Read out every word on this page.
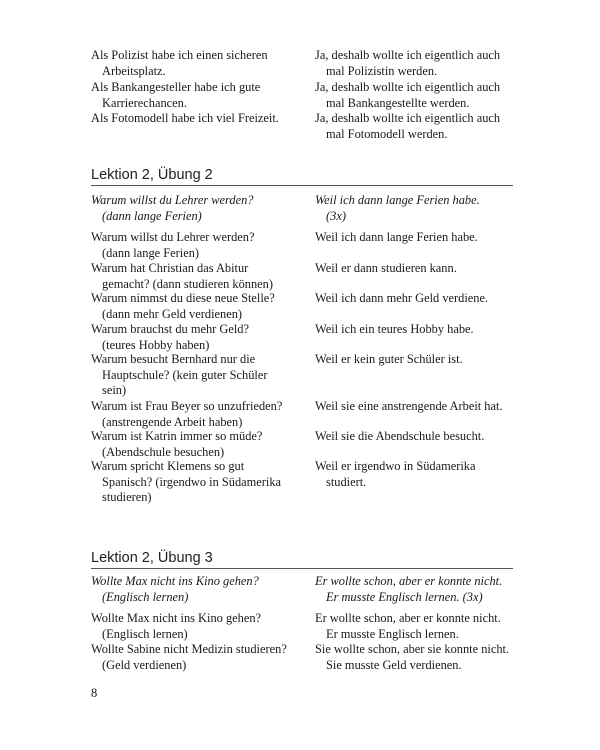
Als Polizist habe ich einen sicheren
Arbeitsplatz.
Ja, deshalb wollte ich eigentlich auch
mal Polizistin werden.
Als Bankangesteller habe ich gute
Karrierechancen.
Ja, deshalb wollte ich eigentlich auch
mal Bankangestellte werden.
Als Fotomodell habe ich viel Freizeit.	Ja, deshalb wollte ich eigentlich auch
mal Fotomodell werden.
Lektion 2, Übung 2
Warum willst du Lehrer werden?
(dann lange Ferien)
Weil ich dann lange Ferien habe.
(3x)
Warum willst du Lehrer werden?
(dann lange Ferien)
Weil ich dann lange Ferien habe.
Warum hat Christian das Abitur
gemacht? (dann studieren können)
Weil er dann studieren kann.
Warum nimmst du diese neue Stelle?
(dann mehr Geld verdienen)
Weil ich dann mehr Geld verdiene.
Warum brauchst du mehr Geld?
(teures Hobby haben)
Weil ich ein teures Hobby habe.
Warum besucht Bernhard nur die
Hauptschule? (kein guter Schüler
sein)
Weil er kein guter Schüler ist.
Warum ist Frau Beyer so unzufrieden?
(anstrengende Arbeit haben)
Weil sie eine anstrengende Arbeit hat.
Warum ist Katrin immer so müde?
(Abendschule besuchen)
Weil sie die Abendschule besucht.
Warum spricht Klemens so gut
Spanisch? (irgendwo in Südamerika
studieren)
Weil er irgendwo in Südamerika
studiert.
Lektion 2, Übung 3
Wollte Max nicht ins Kino gehen?
(Englisch lernen)
Er wollte schon, aber er konnte nicht.
Er musste Englisch lernen. (3x)
Wollte Max nicht ins Kino gehen?
(Englisch lernen)
Er wollte schon, aber er konnte nicht.
Er musste Englisch lernen.
Wollte Sabine nicht Medizin studieren?
(Geld verdienen)
Sie wollte schon, aber sie konnte nicht.
Sie musste Geld verdienen.
8
